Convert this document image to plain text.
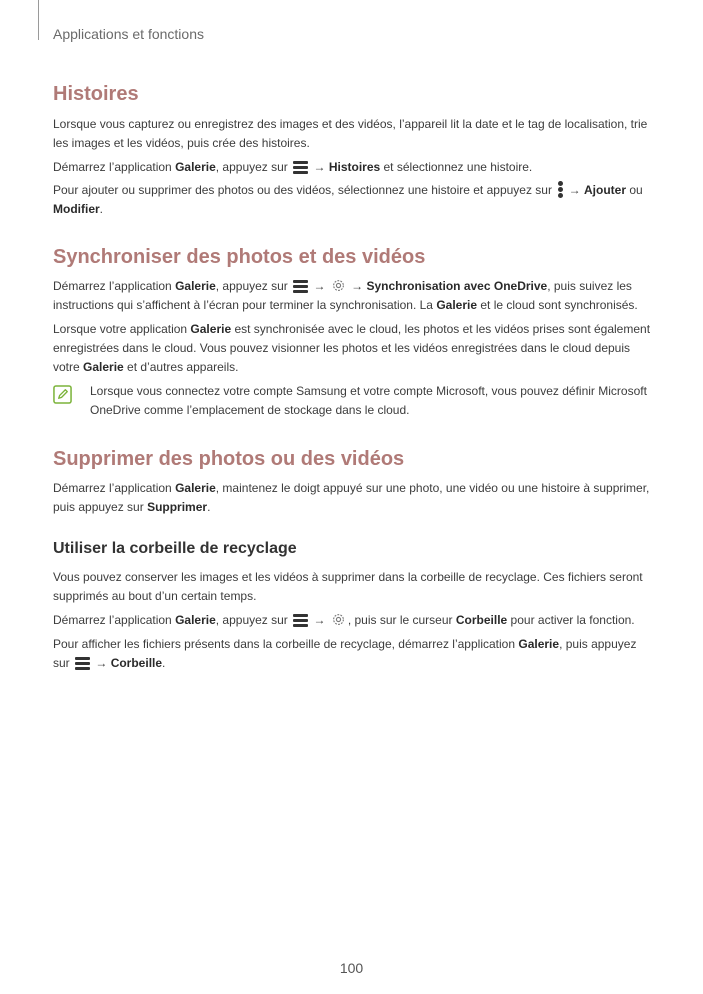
Applications et fonctions
Histoires

Lorsque vous capturez ou enregistrez des images et des vidéos, l’appareil lit la date et le tag de localisation, trie les images et les vidéos, puis crée des histoires.

Démarrez l’application Galerie, appuyez sur
→ Histoires et sélectionnez une histoire.

Pour ajouter ou supprimer des photos ou des vidéos, sélectionnez une histoire et appuyez sur
→ Ajouter ou Modifier.

Synchroniser des photos et des vidéos

Démarrez l’application Galerie, appuyez sur
→  → Synchronisation avec OneDrive, puis suivez les instructions qui s’affichent à l’écran pour terminer la synchronisation. La Galerie et le cloud sont synchronisés.

Lorsque votre application Galerie est synchronisée avec le cloud, les photos et les vidéos prises sont également enregistrées dans le cloud. Vous pouvez visionner les photos et les vidéos enregistrées dans le cloud depuis votre Galerie et d’autres appareils.

Lorsque vous connectez votre compte Samsung et votre compte Microsoft, vous pouvez définir Microsoft OneDrive comme l’emplacement de stockage dans le cloud.

Supprimer des photos ou des vidéos

Démarrez l’application Galerie, maintenez le doigt appuyé sur une photo, une vidéo ou une histoire à supprimer, puis appuyez sur Supprimer.

Utiliser la corbeille de recyclage

Vous pouvez conserver les images et les vidéos à supprimer dans la corbeille de recyclage. Ces fichiers seront supprimés au bout d’un certain temps.

Démarrez l’application Galerie, appuyez sur
→ , puis sur le curseur Corbeille pour activer la fonction.

Pour afficher les fichiers présents dans la corbeille de recyclage, démarrez l’application Galerie, puis appuyez sur
→ Corbeille.

100
